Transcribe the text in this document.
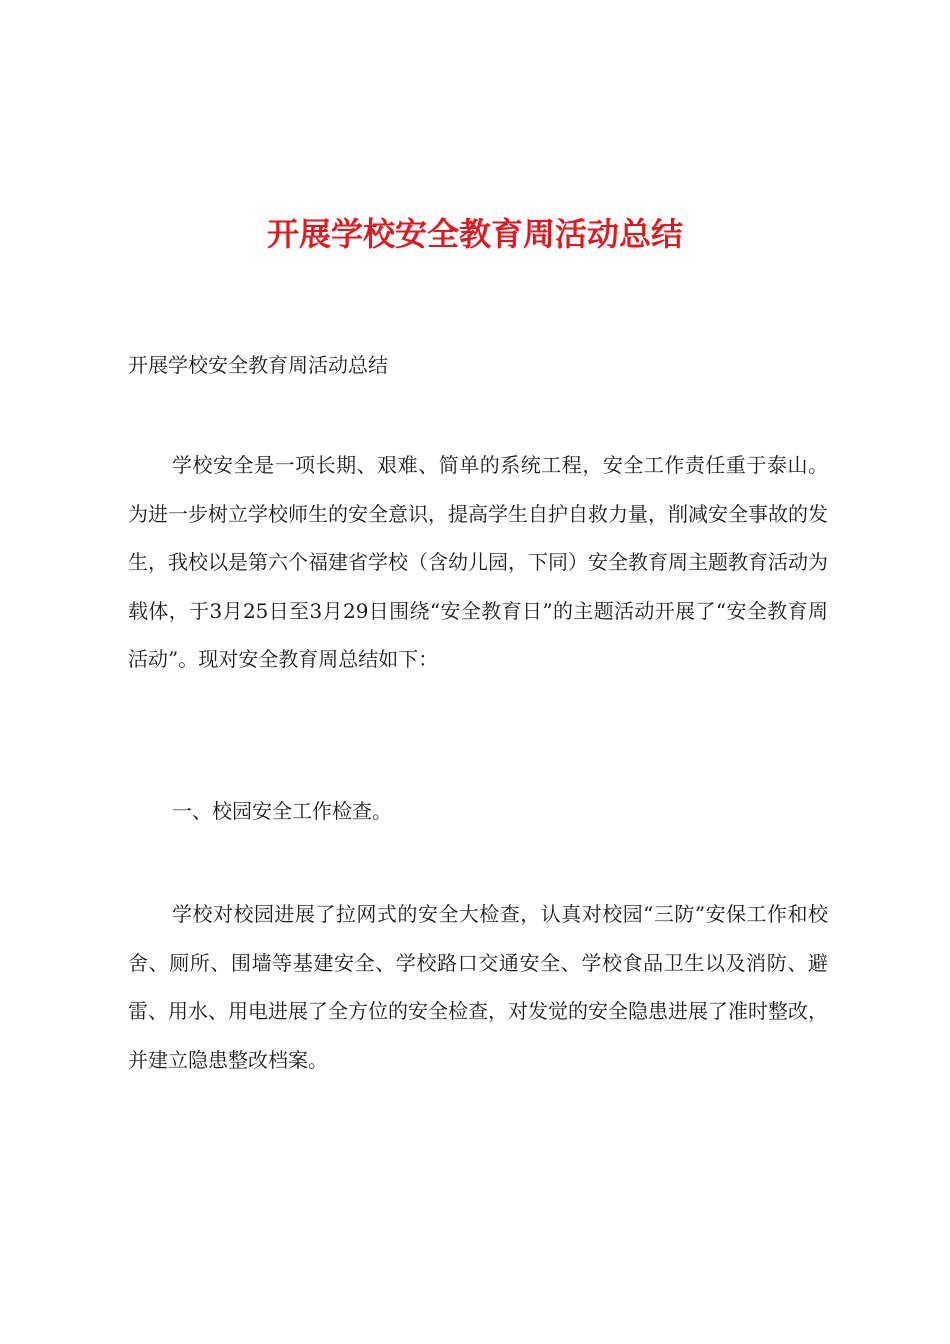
开展学校安全教育周活动总结

开展学校安全教育周活动总结

学校安全是一项长期、艰难、简单的系统工程，安全工作责任重于泰山。为进一步树立学校师生的安全意识，提高学生自护自救力量，削减安全事故的发生，我校以是第六个福建省学校（含幼儿园，下同）安全教育周主题教育活动为载体，于3月25日至3月29日围绕“安全教育日”的主题活动开展了“安全教育周活动”。现对安全教育周总结如下：

一、校园安全工作检查。

学校对校园进展了拉网式的安全大检查，认真对校园“三防”安保工作和校舍、厕所、围墙等基建安全、学校路口交通安全、学校食品卫生以及消防、避雷、用水、用电进展了全方位的安全检查，对发觉的安全隐患进展了准时整改，并建立隐患整改档案。
